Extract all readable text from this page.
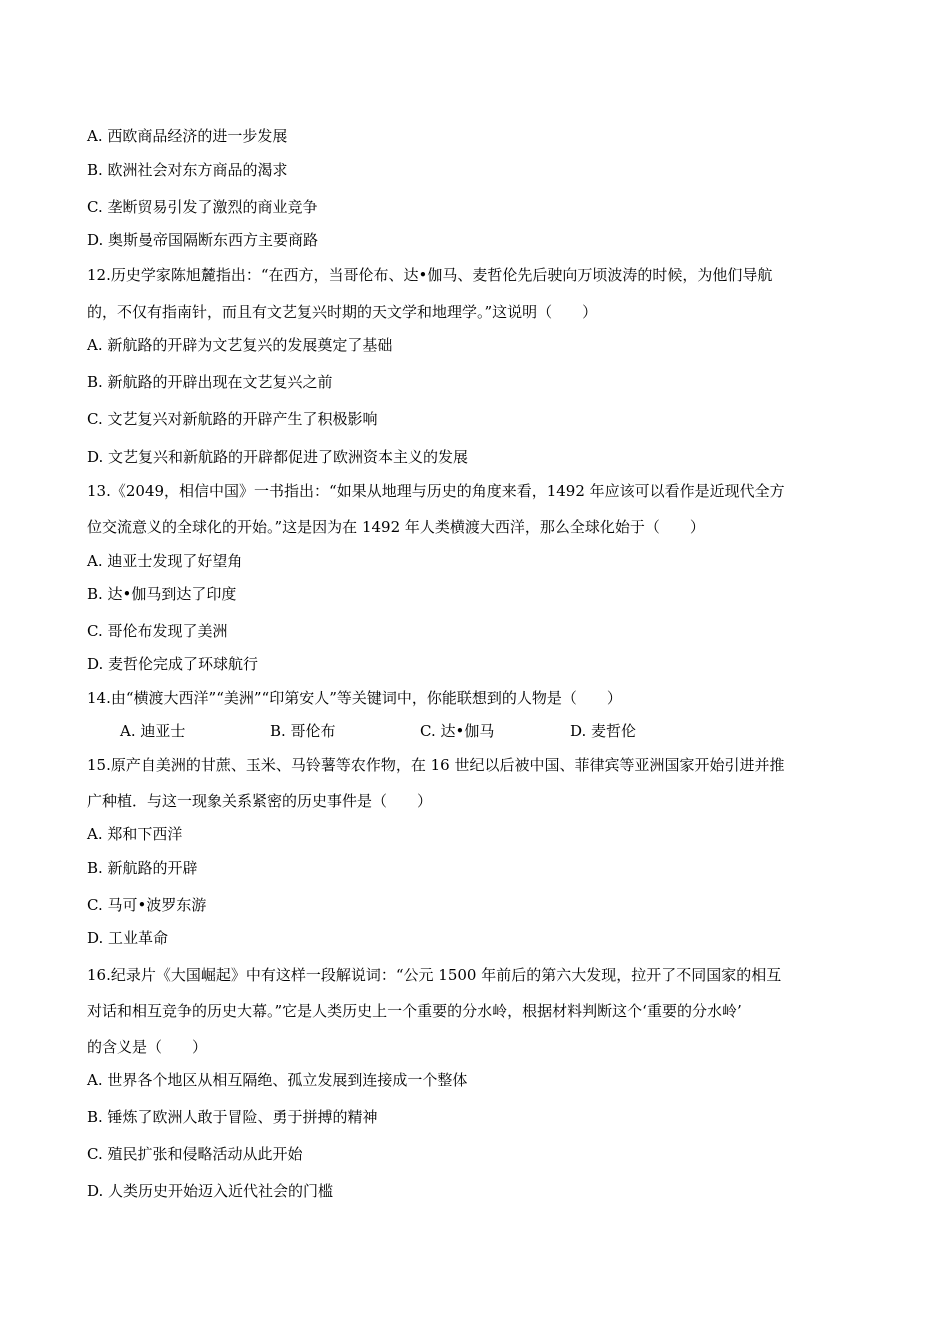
A. 西欧商品经济的进一步发展
B. 欧洲社会对东方商品的渴求
C. 垄断贸易引发了激烈的商业竞争
D. 奥斯曼帝国隔断东西方主要商路
12.历史学家陈旭麓指出：“在西方，当哥伦布、达•伽马、麦哲伦先后驶向万顷波涛的时候，为他们导航
的，不仅有指南针，而且有文艺复兴时期的天文学和地理学。”这说明（　　）
A. 新航路的开辟为文艺复兴的发展奠定了基础
B. 新航路的开辟出现在文艺复兴之前
C. 文艺复兴对新航路的开辟产生了积极影响
D. 文艺复兴和新航路的开辟都促进了欧洲资本主义的发展
13.《2049，相信中国》一书指出：“如果从地理与历史的角度来看，1492 年应该可以看作是近现代全方
位交流意义的全球化的开始。”这是因为在 1492 年人类横渡大西洋，那么全球化始于（　　）
A. 迪亚士发现了好望角
B. 达•伽马到达了印度
C. 哥伦布发现了美洲
D. 麦哲伦完成了环球航行
14.由“横渡大西洋”“美洲”“印第安人”等关键词中，你能联想到的人物是（　　）
A. 迪亚士	B. 哥伦布	C. 达•伽马	D. 麦哲伦
15.原产自美洲的甘蔗、玉米、马铃薯等农作物，在 16 世纪以后被中国、菲律宾等亚洲国家开始引进并推
广种植．与这一现象关系紧密的历史事件是（　　）
A. 郑和下西洋
B. 新航路的开辟
C. 马可•波罗东游
D. 工业革命
16.纪录片《大国崛起》中有这样一段解说词：“公元 1500 年前后的第六大发现，拉开了不同国家的相互
对话和相互竞争的历史大幕。”它是人类历史上一个重要的分水岭，根据材料判断这个‘重要的分水岭’
的含义是（　　）
A. 世界各个地区从相互隔绝、孤立发展到连接成一个整体
B. 锤炼了欧洲人敢于冒险、勇于拼搏的精神
C. 殖民扩张和侵略活动从此开始
D. 人类历史开始迈入近代社会的门槛
